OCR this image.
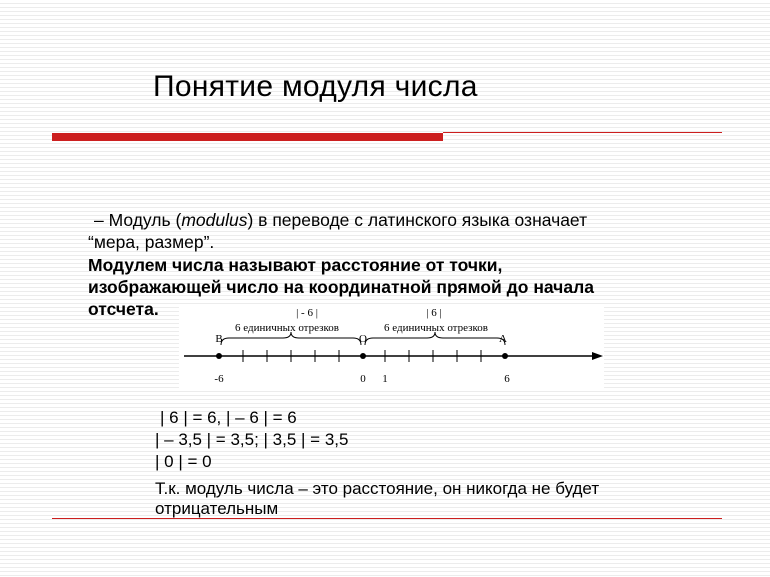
Понятие модуля числа
– Модуль (modulus) в переводе с латинского языка означает
“мера, размер”.
Модулем числа называют расстояние от точки,
изображающей число на координатной прямой до начала
отсчета.	| - 6 |	| 6 |
6 единичных отрезков	6 единичных отрезков
B	O	A
-6	0 1	6
| 6 | = 6, | – 6 | = 6
| – 3,5 | = 3,5; | 3,5 | = 3,5
| 0 | = 0
Т.к. модуль числа – это расстояние, он никогда не будет
отрицательным
